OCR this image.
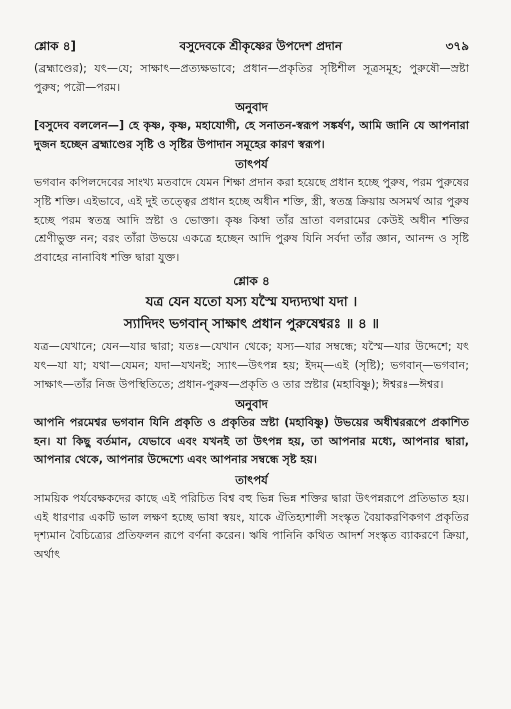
শ্লোক ৪]	বসুদেবকে শ্রীকৃষ্ণের উপদেশ প্রদান	৩৭৯

(ব্রহ্মাণ্ডের); যৎ—যে; সাক্ষাৎ—প্রত্যক্ষভাবে; প্রধান—প্রকৃতির সৃষ্টিশীল সূত্রসমূহ; পুরুষৌ—স্রষ্টা পুরুষ; পরৌ—পরম।

অনুবাদ

[বসুদেব বললেন—] হে কৃষ্ণ, কৃষ্ণ, মহাযোগী, হে সনাতন-স্বরূপ সঙ্কর্ষণ, আমি জানি যে আপনারা দুজন হচ্ছেন ব্রহ্মাণ্ডের সৃষ্টি ও সৃষ্টির উপাদান সমূহের কারণ স্বরূপ।

তাৎপর্য

ভগবান কপিলদেবের সাংখ্য মতবাদে যেমন শিক্ষা প্রদান করা হয়েছে প্রধান হচ্ছে পুরুষ, পরম পুরুষের সৃষ্টি শক্তি। এইভাবে, এই দুই তত্ত্বের প্রধান হচ্ছে অধীন শক্তি, স্ত্রী, স্বতন্ত্র ক্রিয়ায় অসমর্থ আর পুরুষ হচ্ছে পরম স্বতন্ত্র আদি স্রষ্টা ও ভোক্তা। কৃষ্ণ কিম্বা তাঁর ভ্রাতা বলরামের কেউই অধীন শক্তির শ্রেণীভুক্ত নন; বরং তাঁরা উভয়ে একত্রে হচ্ছেন আদি পুরুষ যিনি সর্বদা তাঁর জ্ঞান, আনন্দ ও সৃষ্টি প্রবাহের নানাবিধ শক্তি দ্বারা যুক্ত।

শ্লোক ৪
যত্র যেন যতো যস্য যস্মৈ যদ্যদ্যথা যদা ।
স্যাদিদং ভগবান্ সাক্ষাৎ প্রধান পুরুষেশ্বরঃ ॥ ৪ ॥

যত্র—যেখানে; যেন—যার দ্বারা; যতঃ—যেখান থেকে; যস্য—যার সম্বন্ধে; যস্মৈ—যার উদ্দেশে; যৎ যৎ—যা যা; যথা—যেমন; যদা—যখনই; স্যাৎ—উৎপন্ন হয়; ইদম্—এই (সৃষ্টি); ভগবান্—ভগবান; সাক্ষাৎ—তাঁর নিজ উপস্থিতিতে; প্রধান-পুরুষ—প্রকৃতি ও তার স্রষ্টার (মহাবিষ্ণু); ঈশ্বরঃ—ঈশ্বর।

অনুবাদ

আপনি পরমেশ্বর ভগবান যিনি প্রকৃতি ও প্রকৃতির স্রষ্টা (মহাবিষ্ণু) উভয়ের অধীশ্বররূপে প্রকাশিত হন। যা কিছু বর্তমান, যেভাবে এবং যখনই তা উৎপন্ন হয়, তা আপনার মধ্যে, আপনার দ্বারা, আপনার থেকে, আপনার উদ্দেশ্যে এবং আপনার সম্বন্ধে সৃষ্ট হয়।

তাৎপর্য

সাময়িক পর্যবেক্ষকদের কাছে এই পরিচিত বিশ্ব বহু ভিন্ন ভিন্ন শক্তির দ্বারা উৎপন্নরূপে প্রতিভাত হয়। এই ধারণার একটি ভাল লক্ষণ হচ্ছে ভাষা স্বয়ং, যাকে ঐতিহ্যশালী সংস্কৃত বৈয়াকরণিকগণ প্রকৃতির দৃশ্যমান বৈচিত্র্যের প্রতিফলন রূপে বর্ণনা করেন। ঋষি পানিনি কথিত আদর্শ সংস্কৃত ব্যাকরণে ক্রিয়া, অর্থাৎ
